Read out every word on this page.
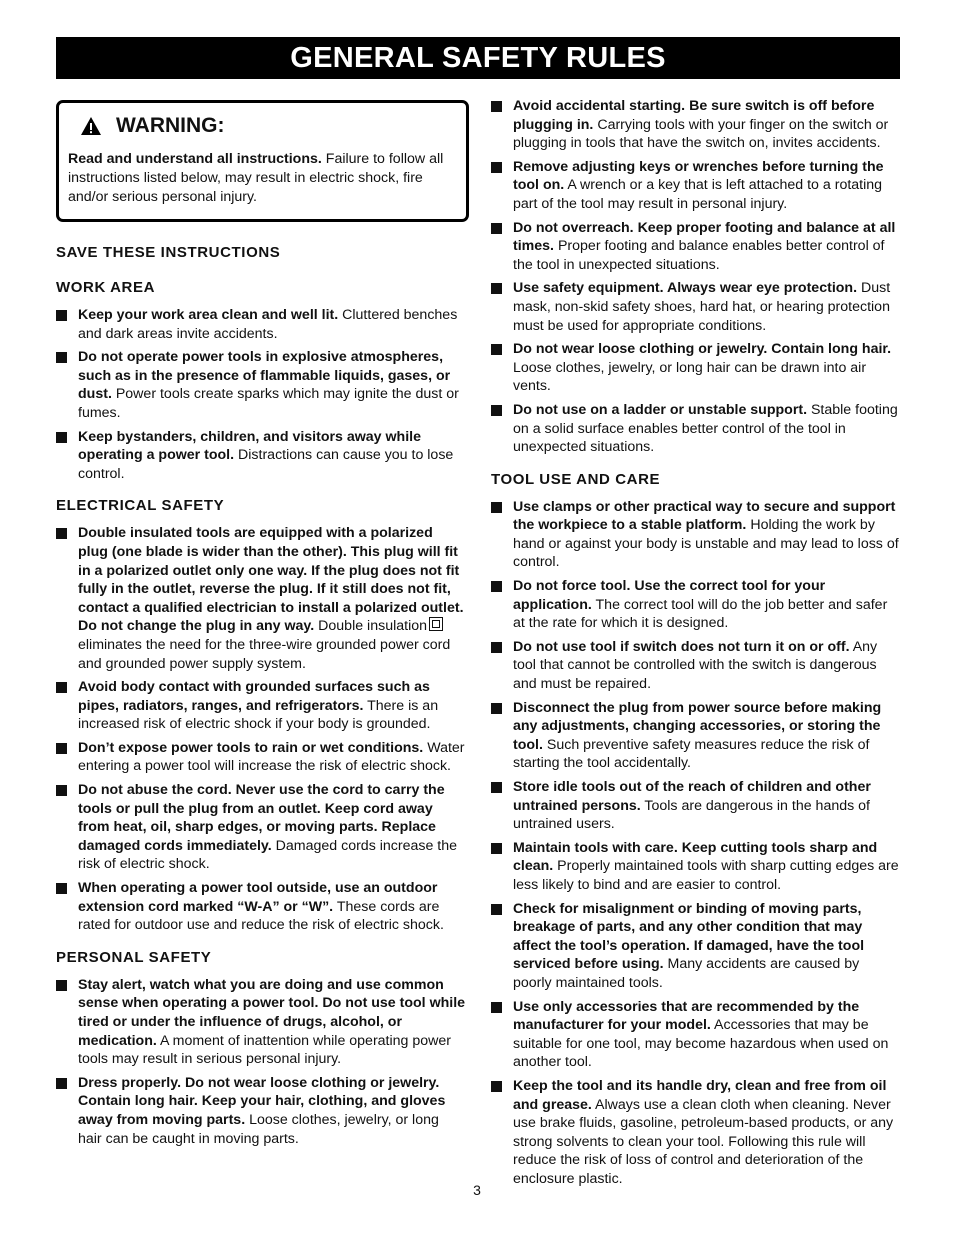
GENERAL SAFETY RULES
WARNING:
Read and understand all instructions. Failure to follow all instructions listed below, may result in electric shock, fire and/or serious personal injury.
SAVE THESE INSTRUCTIONS
WORK AREA
Keep your work area clean and well lit. Cluttered benches and dark areas invite accidents.
Do not operate power tools in explosive atmospheres, such as in the presence of flammable liquids, gases, or dust. Power tools create sparks which may ignite the dust or fumes.
Keep bystanders, children, and visitors away while operating a power tool. Distractions can cause you to lose control.
ELECTRICAL SAFETY
Double insulated tools are equipped with a polarized plug (one blade is wider than the other). This plug will fit in a polarized outlet only one way. If the plug does not fit fully in the outlet, reverse the plug. If it still does not fit, contact a qualified electrician to install a polarized outlet. Do not change the plug in any way. Double insulation eliminates the need for the three-wire grounded power cord and grounded power supply system.
Avoid body contact with grounded surfaces such as pipes, radiators, ranges, and refrigerators. There is an increased risk of electric shock if your body is grounded.
Don’t expose power tools to rain or wet conditions. Water entering a power tool will increase the risk of electric shock.
Do not abuse the cord. Never use the cord to carry the tools or pull the plug from an outlet. Keep cord away from heat, oil, sharp edges, or moving parts. Replace damaged cords immediately. Damaged cords increase the risk of electric shock.
When operating a power tool outside, use an outdoor extension cord marked “W-A” or “W”. These cords are rated for outdoor use and reduce the risk of electric shock.
PERSONAL SAFETY
Stay alert, watch what you are doing and use common sense when operating a power tool. Do not use tool while tired or under the influence of drugs, alcohol, or medication. A moment of inattention while operating power tools may result in serious personal injury.
Dress properly. Do not wear loose clothing or jewelry. Contain long hair. Keep your hair, clothing, and gloves away from moving parts. Loose clothes, jewelry, or long hair can be caught in moving parts.
Avoid accidental starting. Be sure switch is off before plugging in. Carrying tools with your finger on the switch or plugging in tools that have the switch on, invites accidents.
Remove adjusting keys or wrenches before turning the tool on. A wrench or a key that is left attached to a rotating part of the tool may result in personal injury.
Do not overreach. Keep proper footing and balance at all times. Proper footing and balance enables better control of the tool in unexpected situations.
Use safety equipment. Always wear eye protection. Dust mask, non-skid safety shoes, hard hat, or hearing protection must be used for appropriate conditions.
Do not wear loose clothing or jewelry. Contain long hair. Loose clothes, jewelry, or long hair can be drawn into air vents.
Do not use on a ladder or unstable support. Stable footing on a solid surface enables better control of the tool in unexpected situations.
TOOL USE AND CARE
Use clamps or other practical way to secure and support the workpiece to a stable platform. Holding the work by hand or against your body is unstable and may lead to loss of control.
Do not force tool. Use the correct tool for your application. The correct tool will do the job better and safer at the rate for which it is designed.
Do not use tool if switch does not turn it on or off. Any tool that cannot be controlled with the switch is dangerous and must be repaired.
Disconnect the plug from power source before making any adjustments, changing accessories, or storing the tool. Such preventive safety measures reduce the risk of starting the tool accidentally.
Store idle tools out of the reach of children and other untrained persons. Tools are dangerous in the hands of untrained users.
Maintain tools with care. Keep cutting tools sharp and clean. Properly maintained tools with sharp cutting edges are less likely to bind and are easier to control.
Check for misalignment or binding of moving parts, breakage of parts, and any other condition that may affect the tool’s operation. If damaged, have the tool serviced before using. Many accidents are caused by poorly maintained tools.
Use only accessories that are recommended by the manufacturer for your model. Accessories that may be suitable for one tool, may become hazardous when used on another tool.
Keep the tool and its handle dry, clean and free from oil and grease. Always use a clean cloth when cleaning. Never use brake fluids, gasoline, petroleum-based products, or any strong solvents to clean your tool. Following this rule will reduce the risk of loss of control and deterioration of the enclosure plastic.
3
